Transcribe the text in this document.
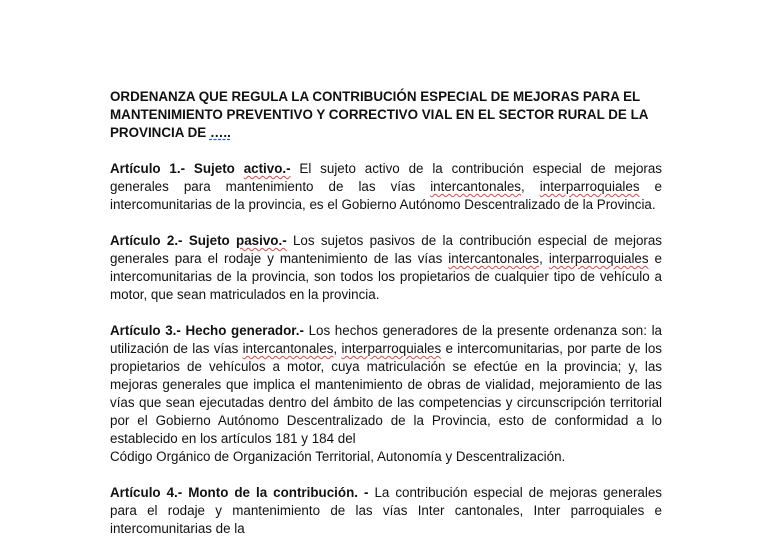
ORDENANZA QUE REGULA LA CONTRIBUCIÓN ESPECIAL DE MEJORAS PARA EL
MANTENIMIENTO PREVENTIVO Y CORRECTIVO VIAL EN EL SECTOR RURAL DE LA
PROVINCIA DE …..
Artículo 1.- Sujeto activo.- El sujeto activo de la contribución especial de mejoras generales para mantenimiento de las vías intercantonales, interparroquiales e intercomunitarias de la provincia, es el Gobierno Autónomo Descentralizado de la Provincia.
Artículo 2.- Sujeto pasivo.- Los sujetos pasivos de la contribución especial de mejoras generales para el rodaje y mantenimiento de las vías intercantonales, interparroquiales e intercomunitarias de la provincia, son todos los propietarios de cualquier tipo de vehículo a motor, que sean matriculados en la provincia.
Artículo 3.- Hecho generador.- Los hechos generadores de la presente ordenanza son: la utilización de las vías intercantonales, interparroquiales e intercomunitarias, por parte de los propietarios de vehículos a motor, cuya matriculación se efectúe en la provincia; y, las mejoras generales que implica el mantenimiento de obras de vialidad, mejoramiento de las vías que sean ejecutadas dentro del ámbito de las competencias y circunscripción territorial por el Gobierno Autónomo Descentralizado de la Provincia, esto de conformidad a lo establecido en los artículos 181 y 184 del
Código Orgánico de Organización Territorial, Autonomía y Descentralización.
Artículo 4.- Monto de la contribución. - La contribución especial de mejoras generales para el rodaje y mantenimiento de las vías Inter cantonales, Inter parroquiales e intercomunitarias de la
